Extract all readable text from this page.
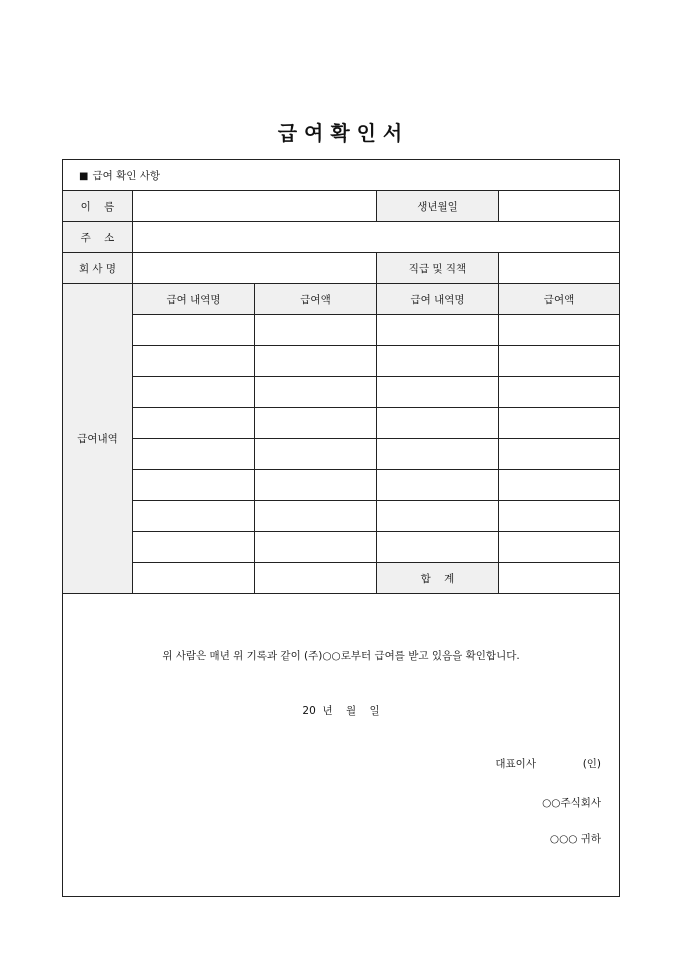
급 여 확 인 서
■ 급여 확인 사항				
이    름			생년월일	
주    소				
회 사 명			직급 및 직책	
급여내역	급여 내역명	급여액	급여 내역명	급여액

			합    계	

위 사람은 매년 위 기록과 같이 (주)○○로부터 급여를 받고 있음을 확인합니다.

20  년    월    일

대표이사              (인)

○○주식회사

○○○ 귀하				
